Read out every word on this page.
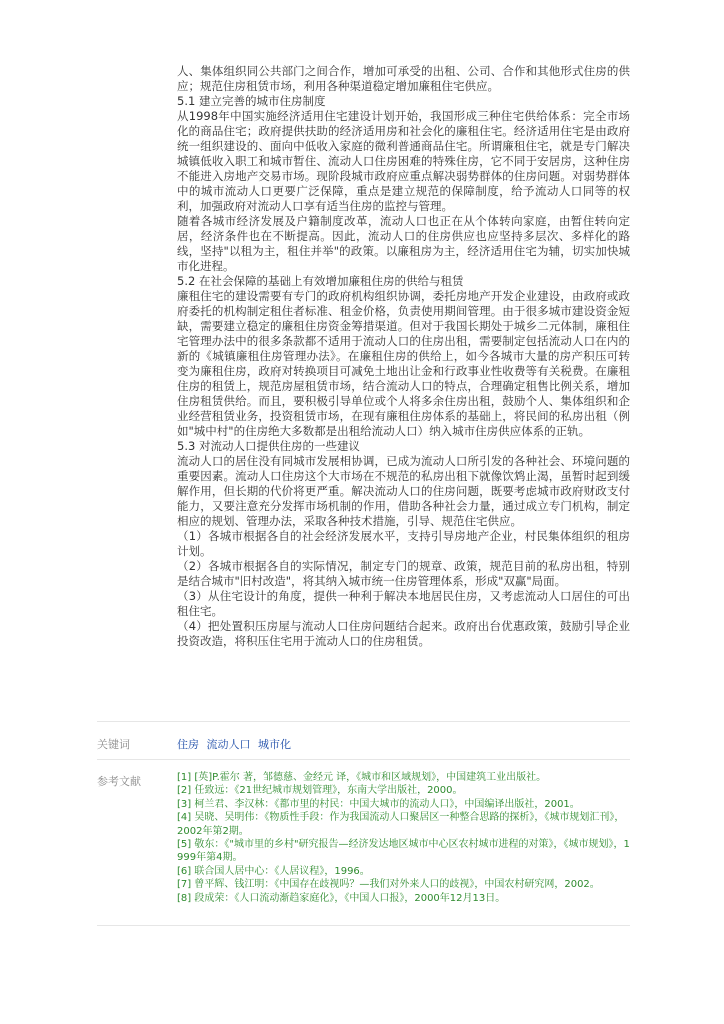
人、集体组织同公共部门之间合作，增加可承受的出租、公司、合作和其他形式住房的供应；规范住房租赁市场，利用各种渠道稳定增加廉租住宅供应。

5.1 建立完善的城市住房制度

从1998年中国实施经济适用住宅建设计划开始，我国形成三种住宅供给体系：完全市场化的商品住宅；政府提供扶助的经济适用房和社会化的廉租住宅。经济适用住宅是由政府统一组织建设的、面向中低收入家庭的微利普通商品住宅。所谓廉租住宅，就是专门解决城镇低收入职工和城市暂住、流动人口住房困难的特殊住房，它不同于安居房，这种住房不能进入房地产交易市场。现阶段城市政府应重点解决弱势群体的住房问题。对弱势群体中的城市流动人口更要广泛保障，重点是建立规范的保障制度，给予流动人口同等的权利，加强政府对流动人口享有适当住房的监控与管理。

随着各城市经济发展及户籍制度改革，流动人口也正在从个体转向家庭，由暂住转向定居，经济条件也在不断提高。因此，流动人口的住房供应也应坚持多层次、多样化的路线，坚持"以租为主，租住并举"的政策。以廉租房为主，经济适用住宅为辅，切实加快城市化进程。

5.2 在社会保障的基础上有效增加廉租住房的供给与租赁

廉租住宅的建设需要有专门的政府机构组织协调，委托房地产开发企业建设，由政府或政府委托的机构制定租住者标准、租金价格，负责使用期间管理。由于很多城市建设资金短缺，需要建立稳定的廉租住房资金筹措渠道。但对于我国长期处于城乡二元体制，廉租住宅管理办法中的很多条款都不适用于流动人口的住房出租，需要制定包括流动人口在内的新的《城镇廉租住房管理办法》。在廉租住房的供给上，如今各城市大量的房产积压可转变为廉租住房，政府对转换项目可减免土地出让金和行政事业性收费等有关税费。在廉租住房的租赁上，规范房屋租赁市场，结合流动人口的特点，合理确定租售比例关系，增加住房租赁供给。而且，要积极引导单位或个人将多余住房出租，鼓励个人、集体组织和企业经营租赁业务，投资租赁市场，在现有廉租住房体系的基础上，将民间的私房出租（例如"城中村"的住房绝大多数都是出租给流动人口）纳入城市住房供应体系的正轨。

5.3 对流动人口提供住房的一些建议

流动人口的居住没有同城市发展相协调，已成为流动人口所引发的各种社会、环境问题的重要因素。流动人口住房这个大市场在不规范的私房出租下就像饮鸩止渴，虽暂时起到缓解作用，但长期的代价将更严重。解决流动人口的住房问题，既要考虑城市政府财政支付能力，又要注意充分发挥市场机制的作用，借助各种社会力量，通过成立专门机构，制定相应的规划、管理办法，采取各种技术措施，引导、规范住宅供应。

（1）各城市根据各自的社会经济发展水平，支持引导房地产企业，村民集体组织的租房计划。

（2）各城市根据各自的实际情况，制定专门的规章、政策，规范目前的私房出租，特别是结合城市"旧村改造"，将其纳入城市统一住房管理体系，形成"双赢"局面。

（3）从住宅设计的角度，提供一种利于解决本地居民住房，又考虑流动人口居住的可出租住宅。

（4）把处置积压房屋与流动人口住房问题结合起来。政府出台优惠政策，鼓励引导企业投资改造，将积压住宅用于流动人口的住房租赁。

关键词	住房 流动人口 城市化
参考文献	[1] [英]P.霍尔 著，邹德慈、金经元 译，《城市和区域规划》，中国建筑工业出版社。

[2] 任致远：《21世纪城市规划管理》，东南大学出版社，2000。

[3] 柯兰君、李汉林：《都市里的村民：中国大城市的流动人口》，中国编译出版社，2001。

[4] 吴晓、吴明伟：《物质性手段：作为我国流动人口聚居区一种整合思路的探析》，《城市规划汇刊》，2002年第2期。

[5] 敬东：《"城市里的乡村"研究报告—经济发达地区城市中心区农村城市进程的对策》，《城市规划》，1999年第4期。

[6] 联合国人居中心：《人居议程》，1996。

[7] 曾平辉、钱江明：《中国存在歧视吗？—我们对外来人口的歧视》，中国农村研究网，2002。

[8] 段成荣：《人口流动渐趋家庭化》，《中国人口报》，2000年12月13日。
